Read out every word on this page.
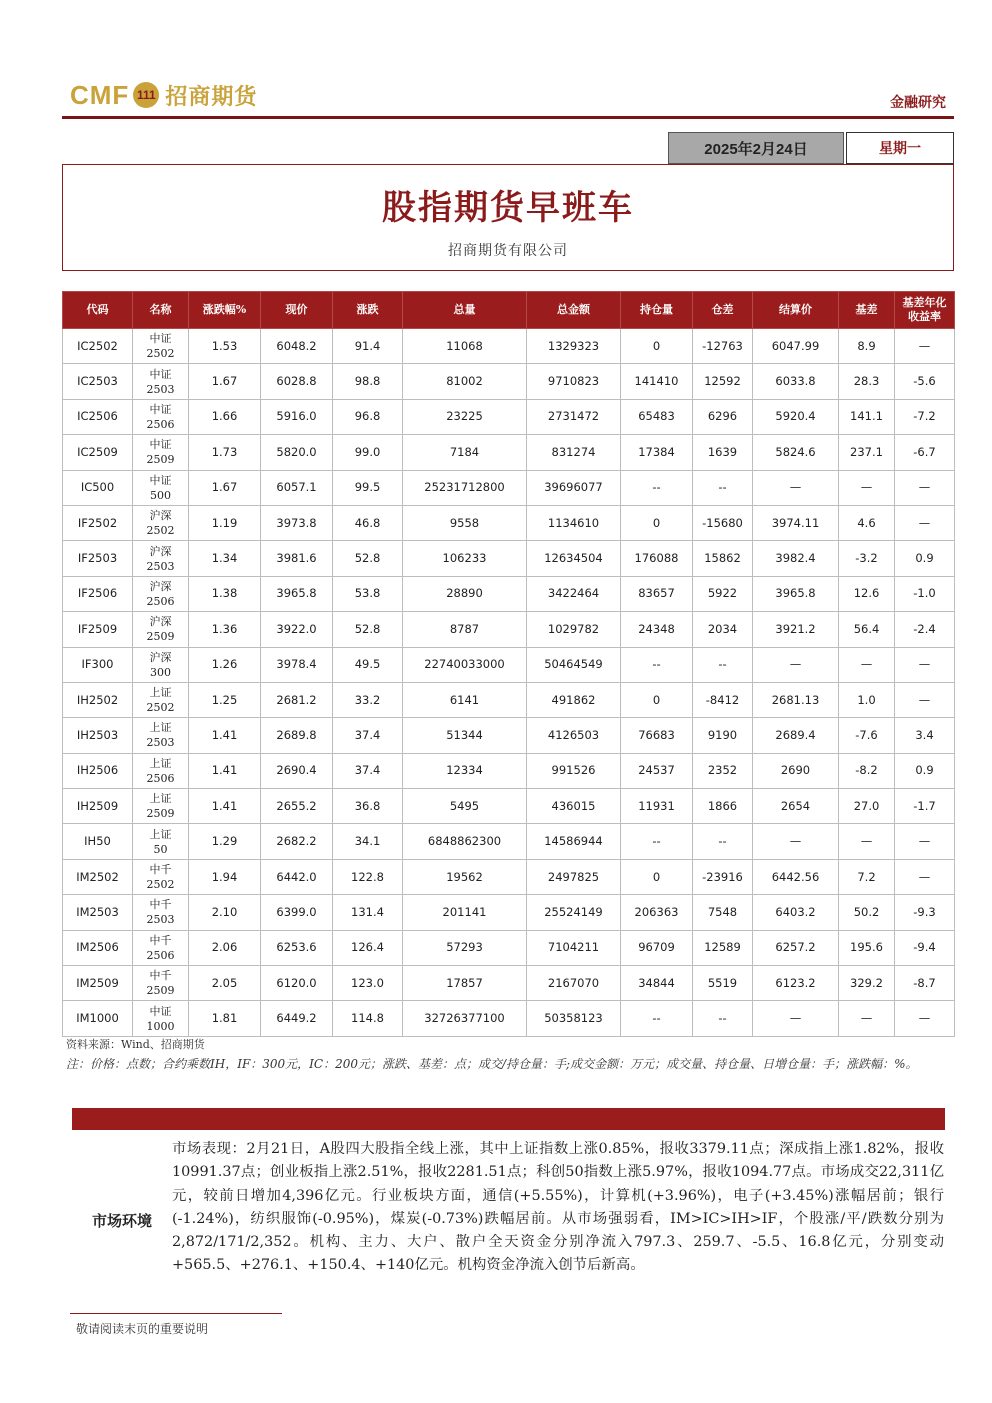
CMF 111 招商期货	金融研究
2025年2月24日	星期一
股指期货早班车
招商期货有限公司
代码	名称	涨跌幅%	现价	涨跌	总量	总金额	持仓量	仓差	结算价	基差	基差年化收益率
IC2502	中证2502	1.53	6048.2	91.4	11068	1329323	0	-12763	6047.99	8.9	—
IC2503	中证2503	1.67	6028.8	98.8	81002	9710823	141410	12592	6033.8	28.3	-5.6
IC2506	中证2506	1.66	5916.0	96.8	23225	2731472	65483	6296	5920.4	141.1	-7.2
IC2509	中证2509	1.73	5820.0	99.0	7184	831274	17384	1639	5824.6	237.1	-6.7
IC500	中证500	1.67	6057.1	99.5	25231712800	39696077	--	--	—	—	—
IF2502	沪深2502	1.19	3973.8	46.8	9558	1134610	0	-15680	3974.11	4.6	—
IF2503	沪深2503	1.34	3981.6	52.8	106233	12634504	176088	15862	3982.4	-3.2	0.9
IF2506	沪深2506	1.38	3965.8	53.8	28890	3422464	83657	5922	3965.8	12.6	-1.0
IF2509	沪深2509	1.36	3922.0	52.8	8787	1029782	24348	2034	3921.2	56.4	-2.4
IF300	沪深300	1.26	3978.4	49.5	22740033000	50464549	--	--	—	—	—
IH2502	上证2502	1.25	2681.2	33.2	6141	491862	0	-8412	2681.13	1.0	—
IH2503	上证2503	1.41	2689.8	37.4	51344	4126503	76683	9190	2689.4	-7.6	3.4
IH2506	上证2506	1.41	2690.4	37.4	12334	991526	24537	2352	2690	-8.2	0.9
IH2509	上证2509	1.41	2655.2	36.8	5495	436015	11931	1866	2654	27.0	-1.7
IH50	上证50	1.29	2682.2	34.1	6848862300	14586944	--	--	—	—	—
IM2502	中千2502	1.94	6442.0	122.8	19562	2497825	0	-23916	6442.56	7.2	—
IM2503	中千2503	2.10	6399.0	131.4	201141	25524149	206363	7548	6403.2	50.2	-9.3
IM2506	中千2506	2.06	6253.6	126.4	57293	7104211	96709	12589	6257.2	195.6	-9.4
IM2509	中千2509	2.05	6120.0	123.0	17857	2167070	34844	5519	6123.2	329.2	-8.7
IM1000	中证1000	1.81	6449.2	114.8	32726377100	50358123	--	--	—	—	—
资料来源：Wind、招商期货
注：价格：点数；合约乘数IH，IF：300元，IC：200元；涨跌、基差：点；成交/持仓量：手;成交金额：万元；成交量、持仓量、日增仓量：手；涨跌幅：%。
市场环境
市场表现：2月21日，A股四大股指全线上涨，其中上证指数上涨0.85%，报收3379.11点；深成指上涨1.82%，报收10991.37点；创业板指上涨2.51%，报收2281.51点；科创50指数上涨5.97%，报收1094.77点。市场成交22,311亿元，较前日增加4,396亿元。行业板块方面，通信(+5.55%)，计算机(+3.96%)，电子(+3.45%)涨幅居前；银行(-1.24%)，纺织服饰(-0.95%)，煤炭(-0.73%)跌幅居前。从市场强弱看，IM>IC>IH>IF，个股涨/平/跌数分别为 2,872/171/2,352。机构、主力、大户、散户全天资金分别净流入797.3、259.7、-5.5、16.8亿元，分别变动+565.5、+276.1、+150.4、+140亿元。机构资金净流入创节后新高。
敬请阅读末页的重要说明
